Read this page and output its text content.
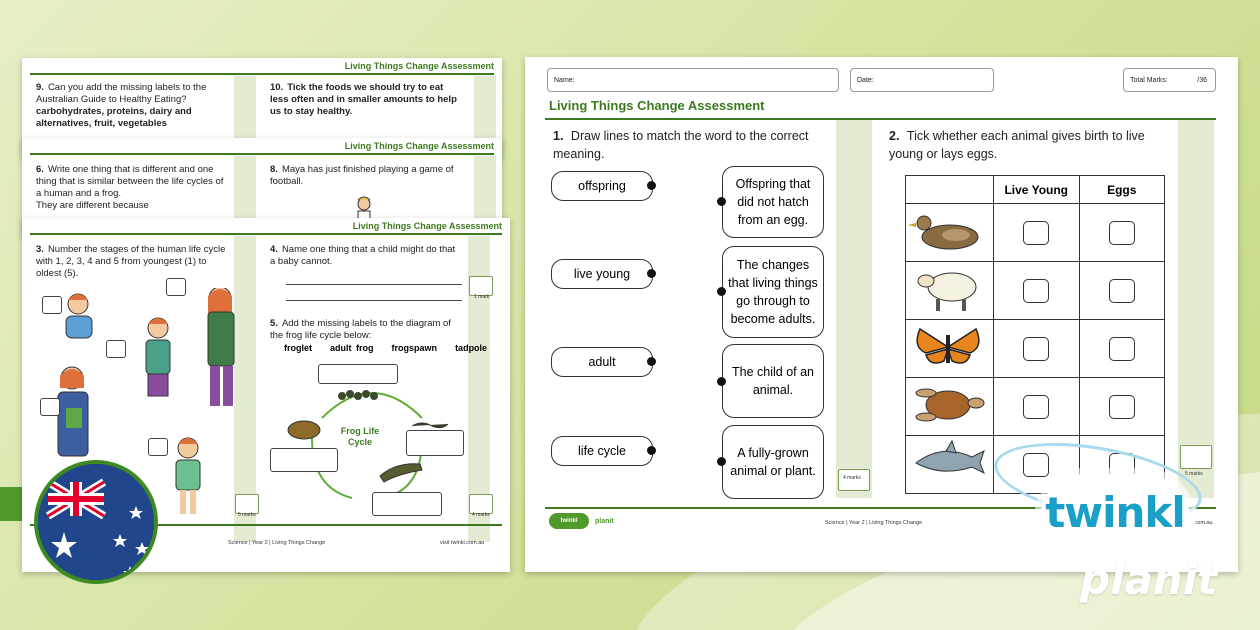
Living Things Change Assessment
9. Can you add the missing labels to the Australian Guide to Healthy Eating?
carbohydrates, proteins, dairy and alternatives, fruit, vegetables
10. Tick the foods we should try to eat less often and in smaller amounts to help us to stay healthy.
Living Things Change Assessment
6. Write one thing that is different and one thing that is similar between the life cycles of a human and a frog.
They are different because
8. Maya has just finished playing a game of football.
Living Things Change Assessment
3. Number the stages of the human life cycle with 1, 2, 3, 4 and 5 from youngest (1) to oldest (5).
4. Name one thing that a child might do that a baby cannot.
1 mark
5. Add the missing labels to the diagram of the frog life cycle below:
froglet adult frog frogspawn tadpole
Frog Life Cycle
5 marks	4 marks
Science | Year 2 | Living Things Change	visit twinkl.com.au
Name:	Date:	Total Marks:	/36
Living Things Change Assessment
1. Draw lines to match the word to the correct meaning.
offspring
live young
adult
life cycle
Offspring that did not hatch from an egg.
The changes that living things go through to become adults.
The child of an animal.
A fully-grown animal or plant.	4 marks
2. Tick whether each animal gives birth to live young or lays eggs.
	Live Young	Eggs

5 marks
twinkl	planit	Science | Year 2 | Living Things Change	.com.au
twinkl
planit
